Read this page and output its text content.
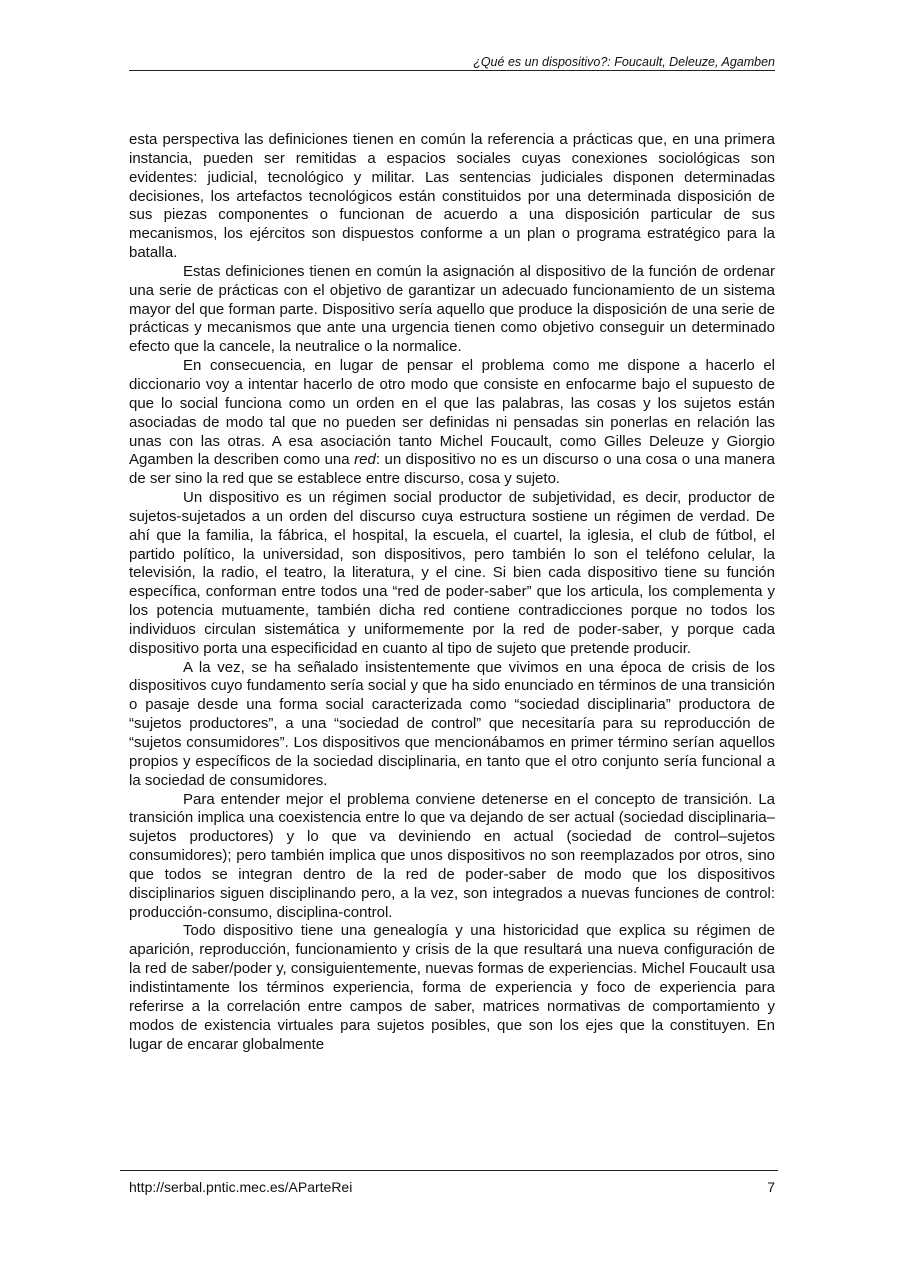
¿Qué es un dispositivo?: Foucault, Deleuze, Agamben

esta perspectiva las definiciones tienen en común la referencia a prácticas que, en una primera instancia, pueden ser remitidas a espacios sociales cuyas conexiones sociológicas son evidentes: judicial, tecnológico y militar. Las sentencias judiciales disponen determinadas decisiones, los artefactos tecnológicos están constituidos por una determinada disposición de sus piezas componentes o funcionan de acuerdo a una disposición particular de sus mecanismos, los ejércitos son dispuestos conforme a un plan o programa estratégico para la batalla.

Estas definiciones tienen en común la asignación al dispositivo de la función de ordenar una serie de prácticas con el objetivo de garantizar un adecuado funcionamiento de un sistema mayor del que forman parte. Dispositivo sería aquello que produce la disposición de una serie de prácticas y mecanismos que ante una urgencia tienen como objetivo conseguir un determinado efecto que la cancele, la neutralice o la normalice.

En consecuencia, en lugar de pensar el problema como me dispone a hacerlo el diccionario voy a intentar hacerlo de otro modo que consiste en enfocarme bajo el supuesto de que lo social funciona como un orden en el que las palabras, las cosas y los sujetos están asociadas de modo tal que no pueden ser definidas ni pensadas sin ponerlas en relación las unas con las otras. A esa asociación tanto Michel Foucault, como Gilles Deleuze y Giorgio Agamben la describen como una red: un dispositivo no es un discurso o una cosa o una manera de ser sino la red que se establece entre discurso, cosa y sujeto.

Un dispositivo es un régimen social productor de subjetividad, es decir, productor de sujetos-sujetados a un orden del discurso cuya estructura sostiene un régimen de verdad. De ahí que la familia, la fábrica, el hospital, la escuela, el cuartel, la iglesia, el club de fútbol, el partido político, la universidad, son dispositivos, pero también lo son el teléfono celular, la televisión, la radio, el teatro, la literatura, y el cine. Si bien cada dispositivo tiene su función específica, conforman entre todos una “red de poder-saber” que los articula, los complementa y los potencia mutuamente, también dicha red contiene contradicciones porque no todos los individuos circulan sistemática y uniformemente por la red de poder-saber, y porque cada dispositivo porta una especificidad en cuanto al tipo de sujeto que pretende producir.

A la vez, se ha señalado insistentemente que vivimos en una época de crisis de los dispositivos cuyo fundamento sería social y que ha sido enunciado en términos de una transición o pasaje desde una forma social caracterizada como “sociedad disciplinaria” productora de “sujetos productores”, a una “sociedad de control” que necesitaría para su reproducción de “sujetos consumidores”. Los dispositivos que mencionábamos en primer término serían aquellos propios y específicos de la sociedad disciplinaria, en tanto que el otro conjunto sería funcional a la sociedad de consumidores.

Para entender mejor el problema conviene detenerse en el concepto de transición. La transición implica una coexistencia entre lo que va dejando de ser actual (sociedad disciplinaria–sujetos productores) y lo que va deviniendo en actual (sociedad de control–sujetos consumidores); pero también implica que unos dispositivos no son reemplazados por otros, sino que todos se integran dentro de la red de poder-saber de modo que los dispositivos disciplinarios siguen disciplinando pero, a la vez, son integrados a nuevas funciones de control: producción-consumo, disciplina-control.

Todo dispositivo tiene una genealogía y una historicidad que explica su régimen de aparición, reproducción, funcionamiento y crisis de la que resultará una nueva configuración de la red de saber/poder y, consiguientemente, nuevas formas de experiencias. Michel Foucault usa indistintamente los términos experiencia, forma de experiencia y foco de experiencia para referirse a la correlación entre campos de saber, matrices normativas de comportamiento y modos de existencia virtuales para sujetos posibles, que son los ejes que la constituyen. En lugar de encarar globalmente

http://serbal.pntic.mec.es/AParteRei	7
